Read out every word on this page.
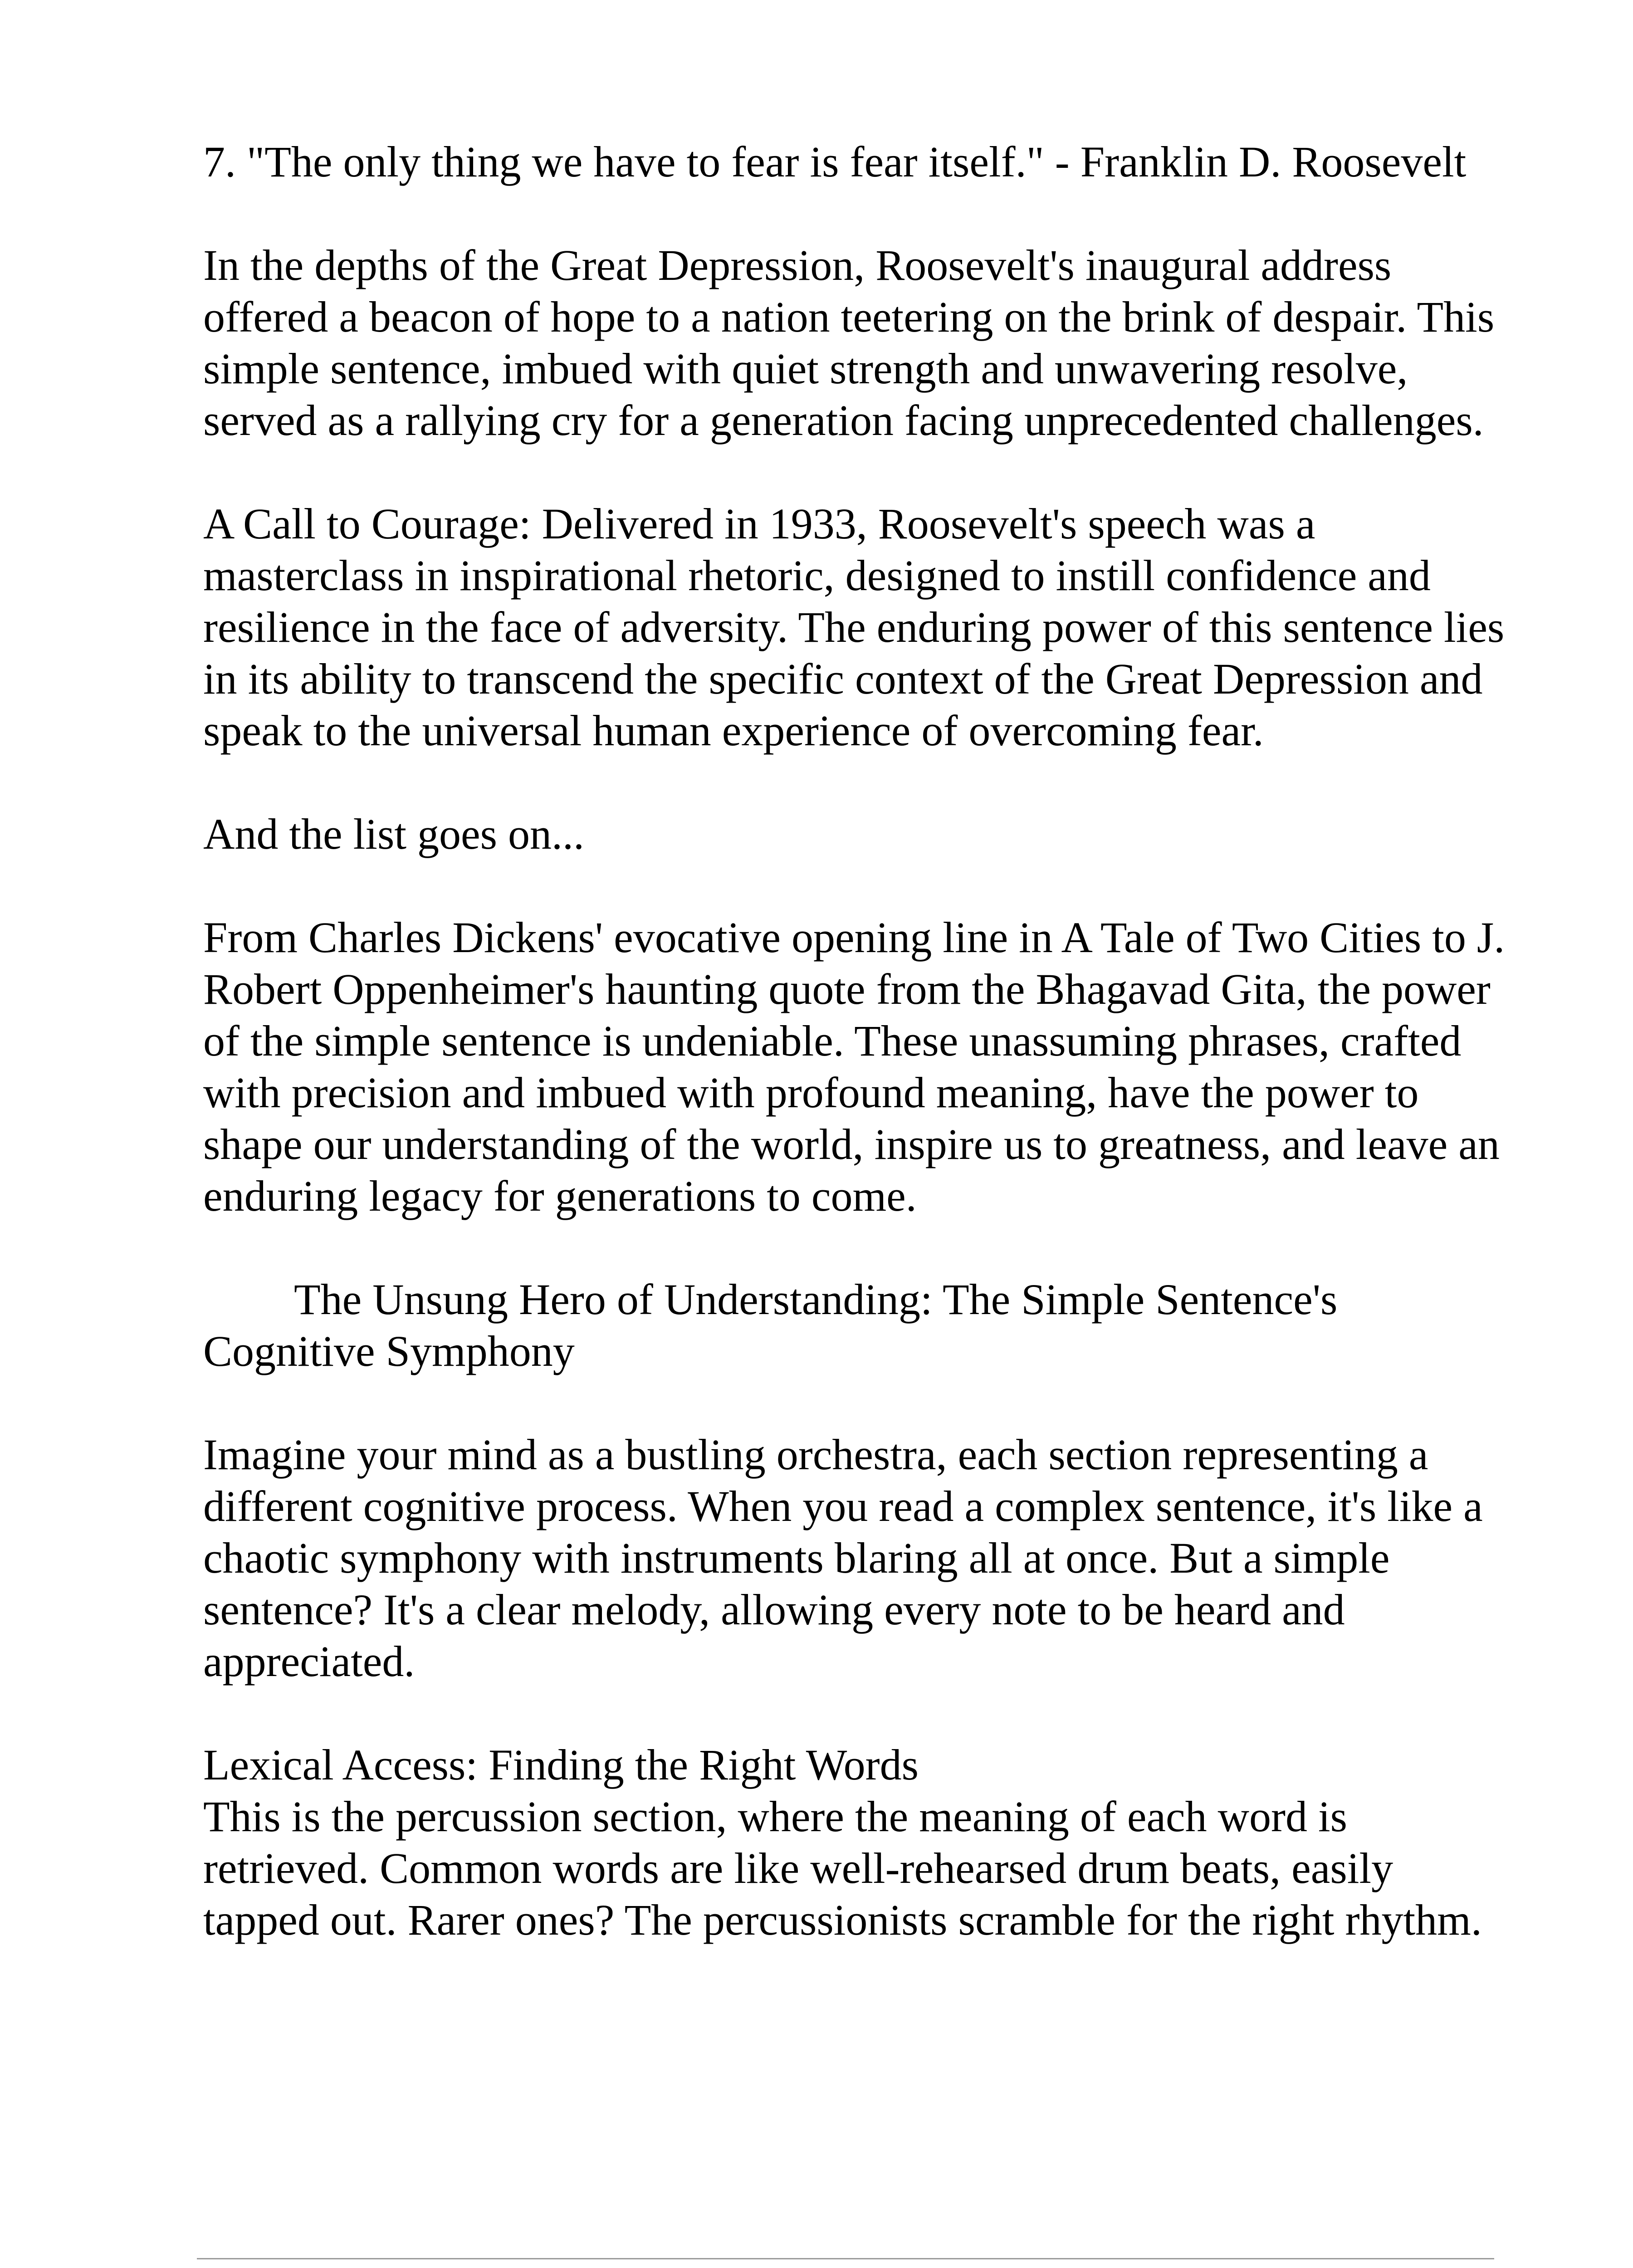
7. "The only thing we have to fear is fear itself." - Franklin D. Roosevelt

In the depths of the Great Depression, Roosevelt's inaugural address offered a beacon of hope to a nation teetering on the brink of despair. This simple sentence, imbued with quiet strength and unwavering resolve, served as a rallying cry for a generation facing unprecedented challenges.

A Call to Courage: Delivered in 1933, Roosevelt's speech was a masterclass in inspirational rhetoric, designed to instill confidence and resilience in the face of adversity. The enduring power of this sentence lies in its ability to transcend the specific context of the Great Depression and speak to the universal human experience of overcoming fear.

And the list goes on...

From Charles Dickens' evocative opening line in A Tale of Two Cities to J. Robert Oppenheimer's haunting quote from the Bhagavad Gita, the power of the simple sentence is undeniable. These unassuming phrases, crafted with precision and imbued with profound meaning, have the power to shape our understanding of the world, inspire us to greatness, and leave an enduring legacy for generations to come.

The Unsung Hero of Understanding: The Simple Sentence's Cognitive Symphony

Imagine your mind as a bustling orchestra, each section representing a different cognitive process. When you read a complex sentence, it's like a chaotic symphony with instruments blaring all at once. But a simple sentence? It's a clear melody, allowing every note to be heard and appreciated.

Lexical Access: Finding the Right Words

This is the percussion section, where the meaning of each word is retrieved. Common words are like well-rehearsed drum beats, easily tapped out. Rarer ones? The percussionists scramble for the right rhythm.
